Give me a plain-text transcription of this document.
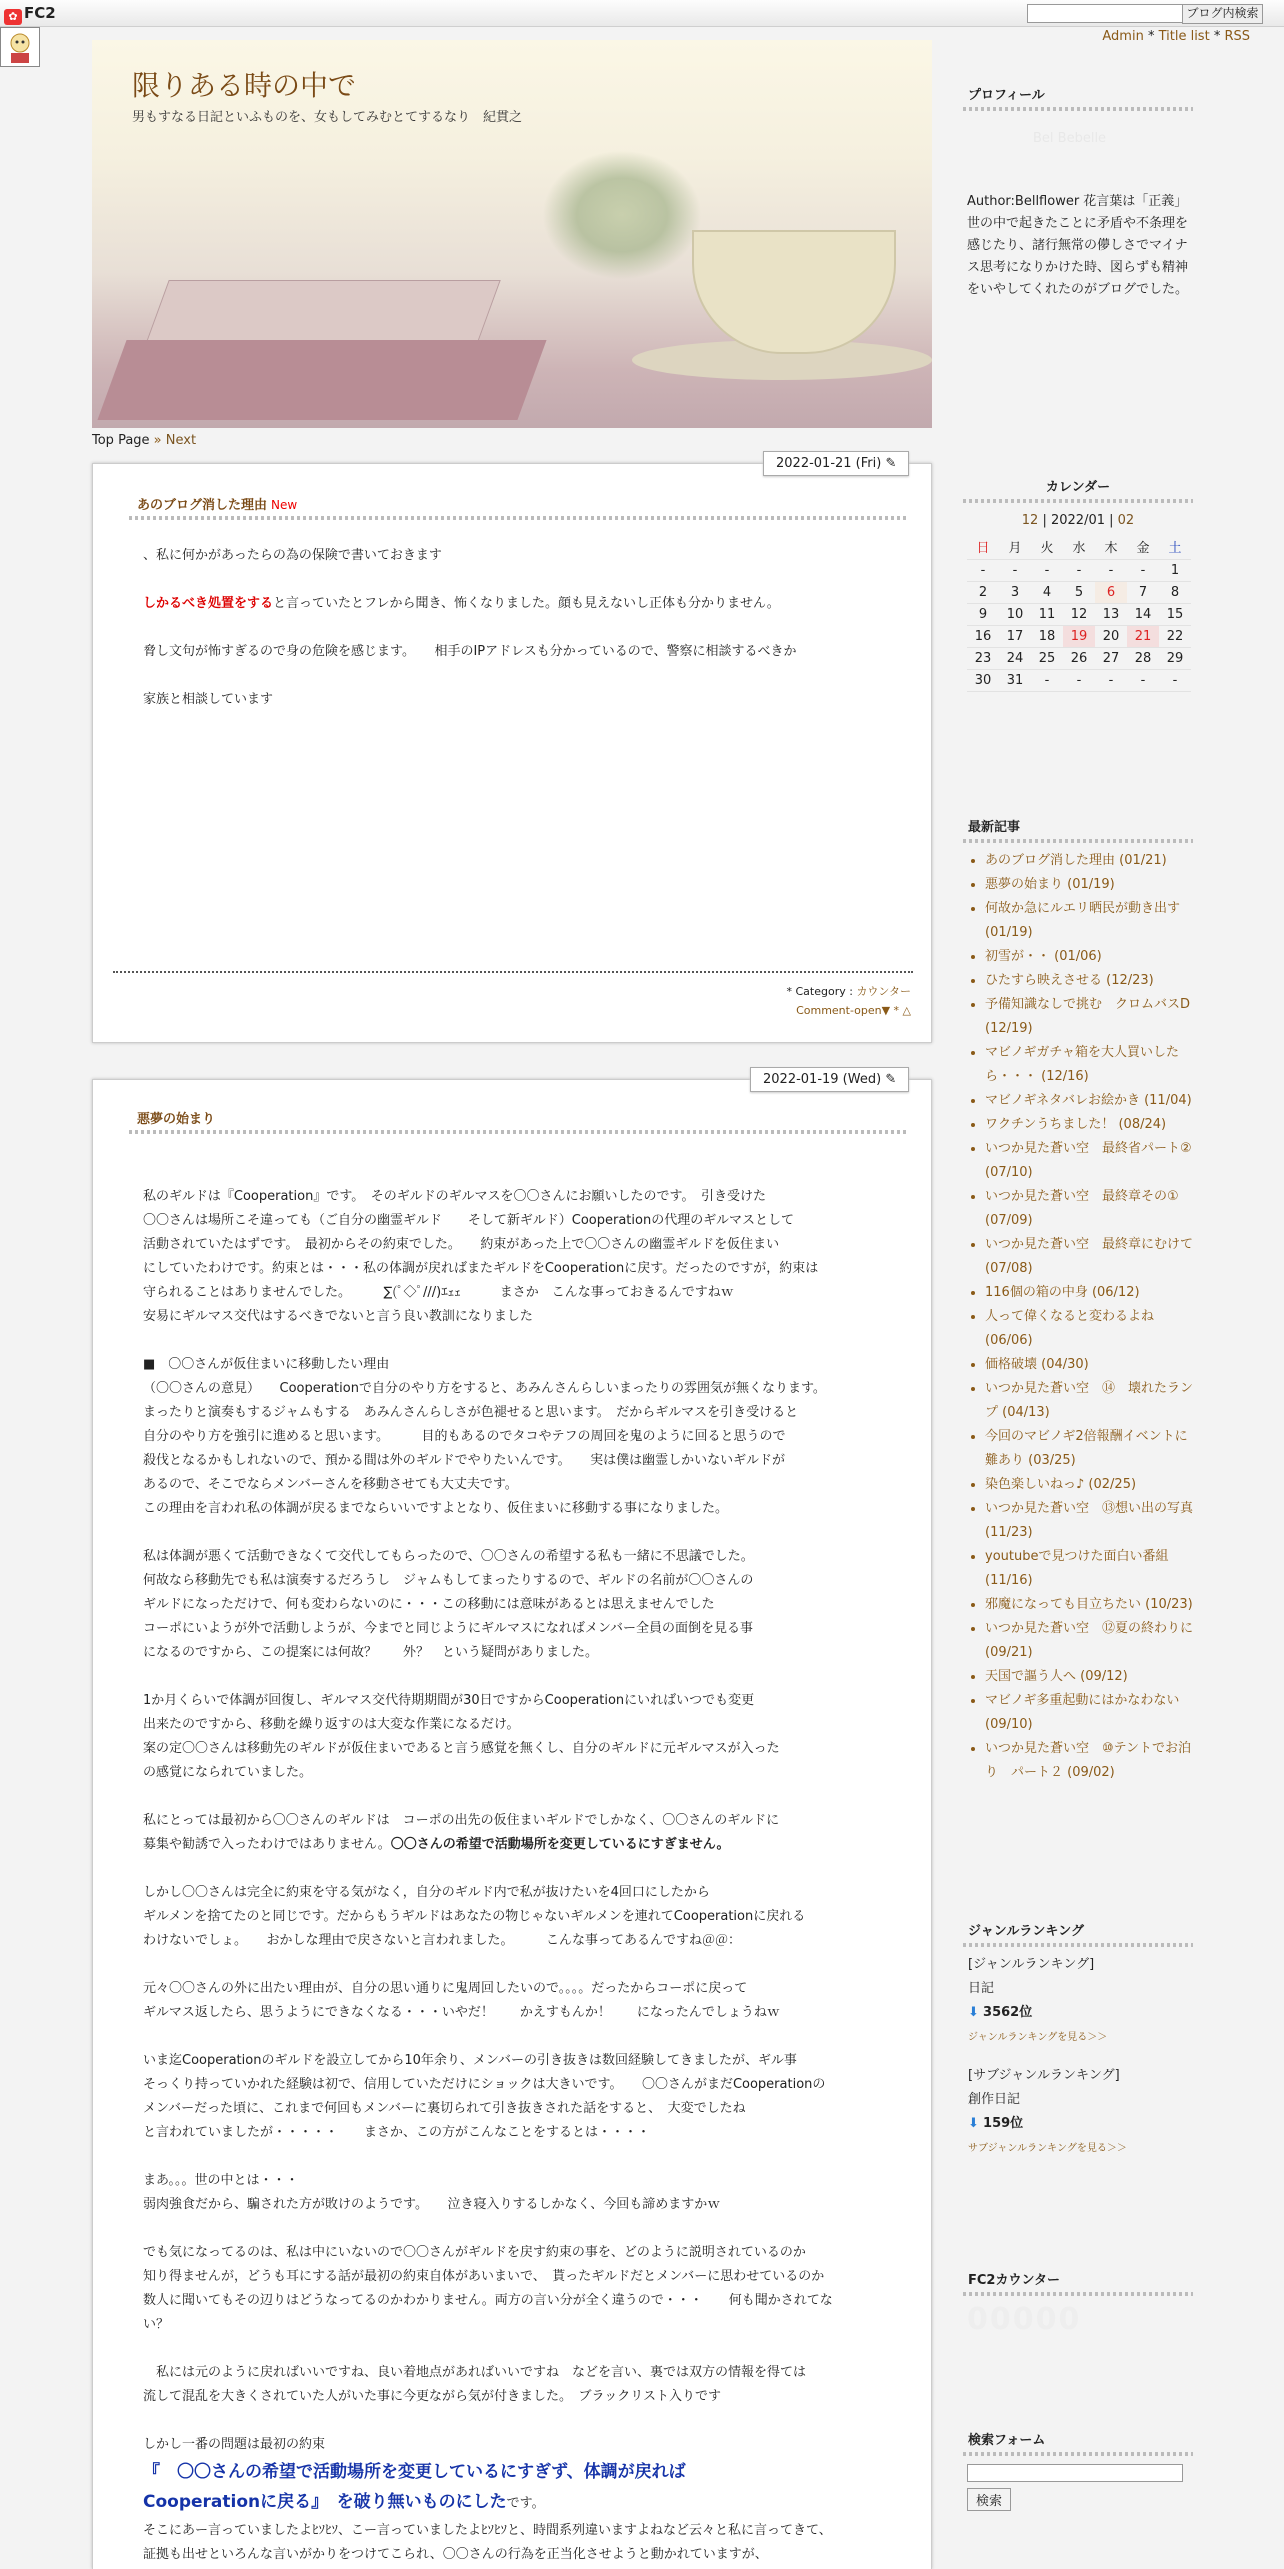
✿ FC2	ブログ内検索
Admin * Title list * RSS
限りある時の中で
男もすなる日記といふものを、女もしてみむとてするなり　紀貫之
Top Page » Next
2022-01-21 (Fri) ✎
あのブログ消した理由 New
、私に何かがあったらの為の保険で書いておきます
しかるべき処置をすると言っていたとフレから聞き、怖くなりました。顔も見えないし正体も分かりません。
脅し文句が怖すぎるので身の危険を感じます。　　相手のIPアドレスも分かっているので、警察に相談するべきか
家族と相談しています
* Category : カウンター
Comment-open▼ * △
2022-01-19 (Wed) ✎
悪夢の始まり
私のギルドは『Cooperation』です。　そのギルドのギルマスを〇〇さんにお願いしたのです。　引き受けた
〇〇さんは場所こそ違っても（ご自分の幽霊ギルド　　そして新ギルド）Cooperationの代理のギルマスとして
活動されていたはずです。　最初からその約束でした。　　約束があった上で〇〇さんの幽霊ギルドを仮住まい
にしていたわけです。約束とは・・・私の体調が戻ればまたギルドをCooperationに戻す。だったのですが，約束は
守られることはありませんでした。　　　∑(ﾟ◇ﾟ///)ｴｪｪ　　　まさか　こんな事っておきるんですねｗ
安易にギルマス交代はするべきでないと言う良い教訓になりました
■　〇〇さんが仮住まいに移動したい理由
（〇〇さんの意見）　　Cooperationで自分のやり方をすると、あみんさんらしいまったりの雰囲気が無くなります。
まったりと演奏もするジャムもする　あみんさんらしさが色褪せると思います。　だからギルマスを引き受けると
自分のやり方を強引に進めると思います。　　　目的もあるのでタコやテフの周回を鬼のように回ると思うので
殺伐となるかもしれないので、預かる間は外のギルドでやりたいんです。　　実は僕は幽霊しかいないギルドが
あるので、そこでならメンバーさんを移動させても大丈夫です。
この理由を言われ私の体調が戻るまでならいいですよとなり、仮住まいに移動する事になりました。
私は体調が悪くて活動できなくて交代してもらったので、〇〇さんの希望する私も一緒に不思議でした。
何故なら移動先でも私は演奏するだろうし　ジャムもしてまったりするので、ギルドの名前が〇〇さんの
ギルドになっただけで、何も変わらないのに・・・この移動には意味があるとは思えませんでした
コーポにいようが外で活動しようが、今までと同じようにギルマスになればメンバー全員の面倒を見る事
になるのですから、この提案には何故？　　外？　という疑問がありました。
1か月くらいで体調が回復し、ギルマス交代待期期間が30日ですからCooperationにいればいつでも変更
出来たのですから、移動を繰り返すのは大変な作業になるだけ。
案の定〇〇さんは移動先のギルドが仮住まいであると言う感覚を無くし、自分のギルドに元ギルマスが入った
の感覚になられていました。
私にとっては最初から〇〇さんのギルドは　コーポの出先の仮住まいギルドでしかなく、〇〇さんのギルドに
募集や勧誘で入ったわけではありません。〇〇さんの希望で活動場所を変更しているにすぎません。
しかし〇〇さんは完全に約束を守る気がなく，自分のギルド内で私が抜けたいを4回口にしたから
ギルメンを捨てたのと同じです。だからもうギルドはあなたの物じゃないギルメンを連れてCooperationに戻れる
わけないでしょ。　　おかしな理由で戻さないと言われました。　　　こんな事ってあるんですね＠＠：
元々〇〇さんの外に出たい理由が、自分の思い通りに鬼周回したいので。。。。だったからコーポに戻って
ギルマス返したら、思うようにできなくなる・・・いやだ！　　かえすもんか！　　になったんでしょうねｗ
いま迄Cooperationのギルドを設立してから10年余り、メンバーの引き抜きは数回経験してきましたが、ギル事
そっくり持っていかれた経験は初で、信用していただけにショックは大きいです。　　〇〇さんがまだCooperationの
メンバーだった頃に、これまで何回もメンバーに裏切られて引き抜きされた話をすると、　大変でしたね
と言われていましたが・・・・・　　まさか、この方がこんなことをするとは・・・・
まあ。。。世の中とは・・・
弱肉強食だから、騙された方が敗けのようです。　　泣き寝入りするしかなく、今回も諦めますかｗ
でも気になってるのは、私は中にいないので〇〇さんがギルドを戻す約束の事を、どのように説明されているのか
知り得ませんが，どうも耳にする話が最初の約束自体があいまいで、　貰ったギルドだとメンバーに思わせているのか
数人に聞いてもその辺りはどうなってるのかわかりません。両方の言い分が全く違うので・・・　　何も聞かされてな
い？
　私には元のように戻ればいいですね、良い着地点があればいいですね　などを言い、裏では双方の情報を得ては
流して混乱を大きくされていた人がいた事に今更ながら気が付きました。　ブラックリスト入りです
しかし一番の問題は最初の約束
『　〇〇さんの希望で活動場所を変更しているにすぎず、体調が戻れば
Cooperationに戻る』　を破り無いものにしたです。
そこにあー言っていましたよﾋｿﾋｿ、こー言っていましたよﾋｿﾋｿと、時間系列違いますよねなど云々と私に言ってきて、
証拠も出せといろんな言いがかりをつけてこられ、〇〇さんの行為を正当化させようと動かれていますが、
プロフィール
Bel Bebelle
Author:Bellflower 花言葉は「正義」
世の中で起きたことに矛盾や不条理を感じたり、諸行無常の儚しさでマイナス思考になりかけた時、図らずも精神をいやしてくれたのがブログでした。
カレンダー
12 | 2022/01 | 02
日	月	火	水	木	金	土
-	-	-	-	-	-	1
2	3	4	5	6	7	8
9	10	11	12	13	14	15
16	17	18	19	20	21	22
23	24	25	26	27	28	29
30	31	-	-	-	-	-
最新記事
• あのブログ消した理由 (01/21)
• 悪夢の始まり (01/19)
• 何故か急にルエリ晒民が動き出す (01/19)
• 初雪が・・ (01/06)
• ひたすら映えさせる (12/23)
• 予備知識なしで挑む　クロムバスD (12/19)
• マビノギガチャ箱を大人買いしたら・・・ (12/16)
• マビノギネタバレお絵かき (11/04)
• ワクチンうちました！ (08/24)
• いつか見た蒼い空　最終省パート② (07/10)
• いつか見た蒼い空　最終章その① (07/09)
• いつか見た蒼い空　最終章にむけて (07/08)
• 116個の箱の中身 (06/12)
• 人って偉くなると変わるよね (06/06)
• 価格破壊 (04/30)
• いつか見た蒼い空　⑭　壊れたランプ (04/13)
• 今回のマビノギ2倍報酬イベントに難あり (03/25)
• 染色楽しいねっ♪ (02/25)
• いつか見た蒼い空　⑬想い出の写真 (11/23)
• youtubeで見つけた面白い番組 (11/16)
• 邪魔になっても目立ちたい (10/23)
• いつか見た蒼い空　⑫夏の終わりに (09/21)
• 天国で謳う人へ (09/12)
• マビノギ多重起動にはかなわない (09/10)
• いつか見た蒼い空　⑩テントでお泊り　パート２ (09/02)
ジャンルランキング
[ジャンルランキング]
日記
⬇ 3562位
ジャンルランキングを見る＞＞
[サブジャンルランキング]
創作日記
⬇ 159位
サブジャンルランキングを見る＞＞
FC2カウンター
00000
検索フォーム
検索
